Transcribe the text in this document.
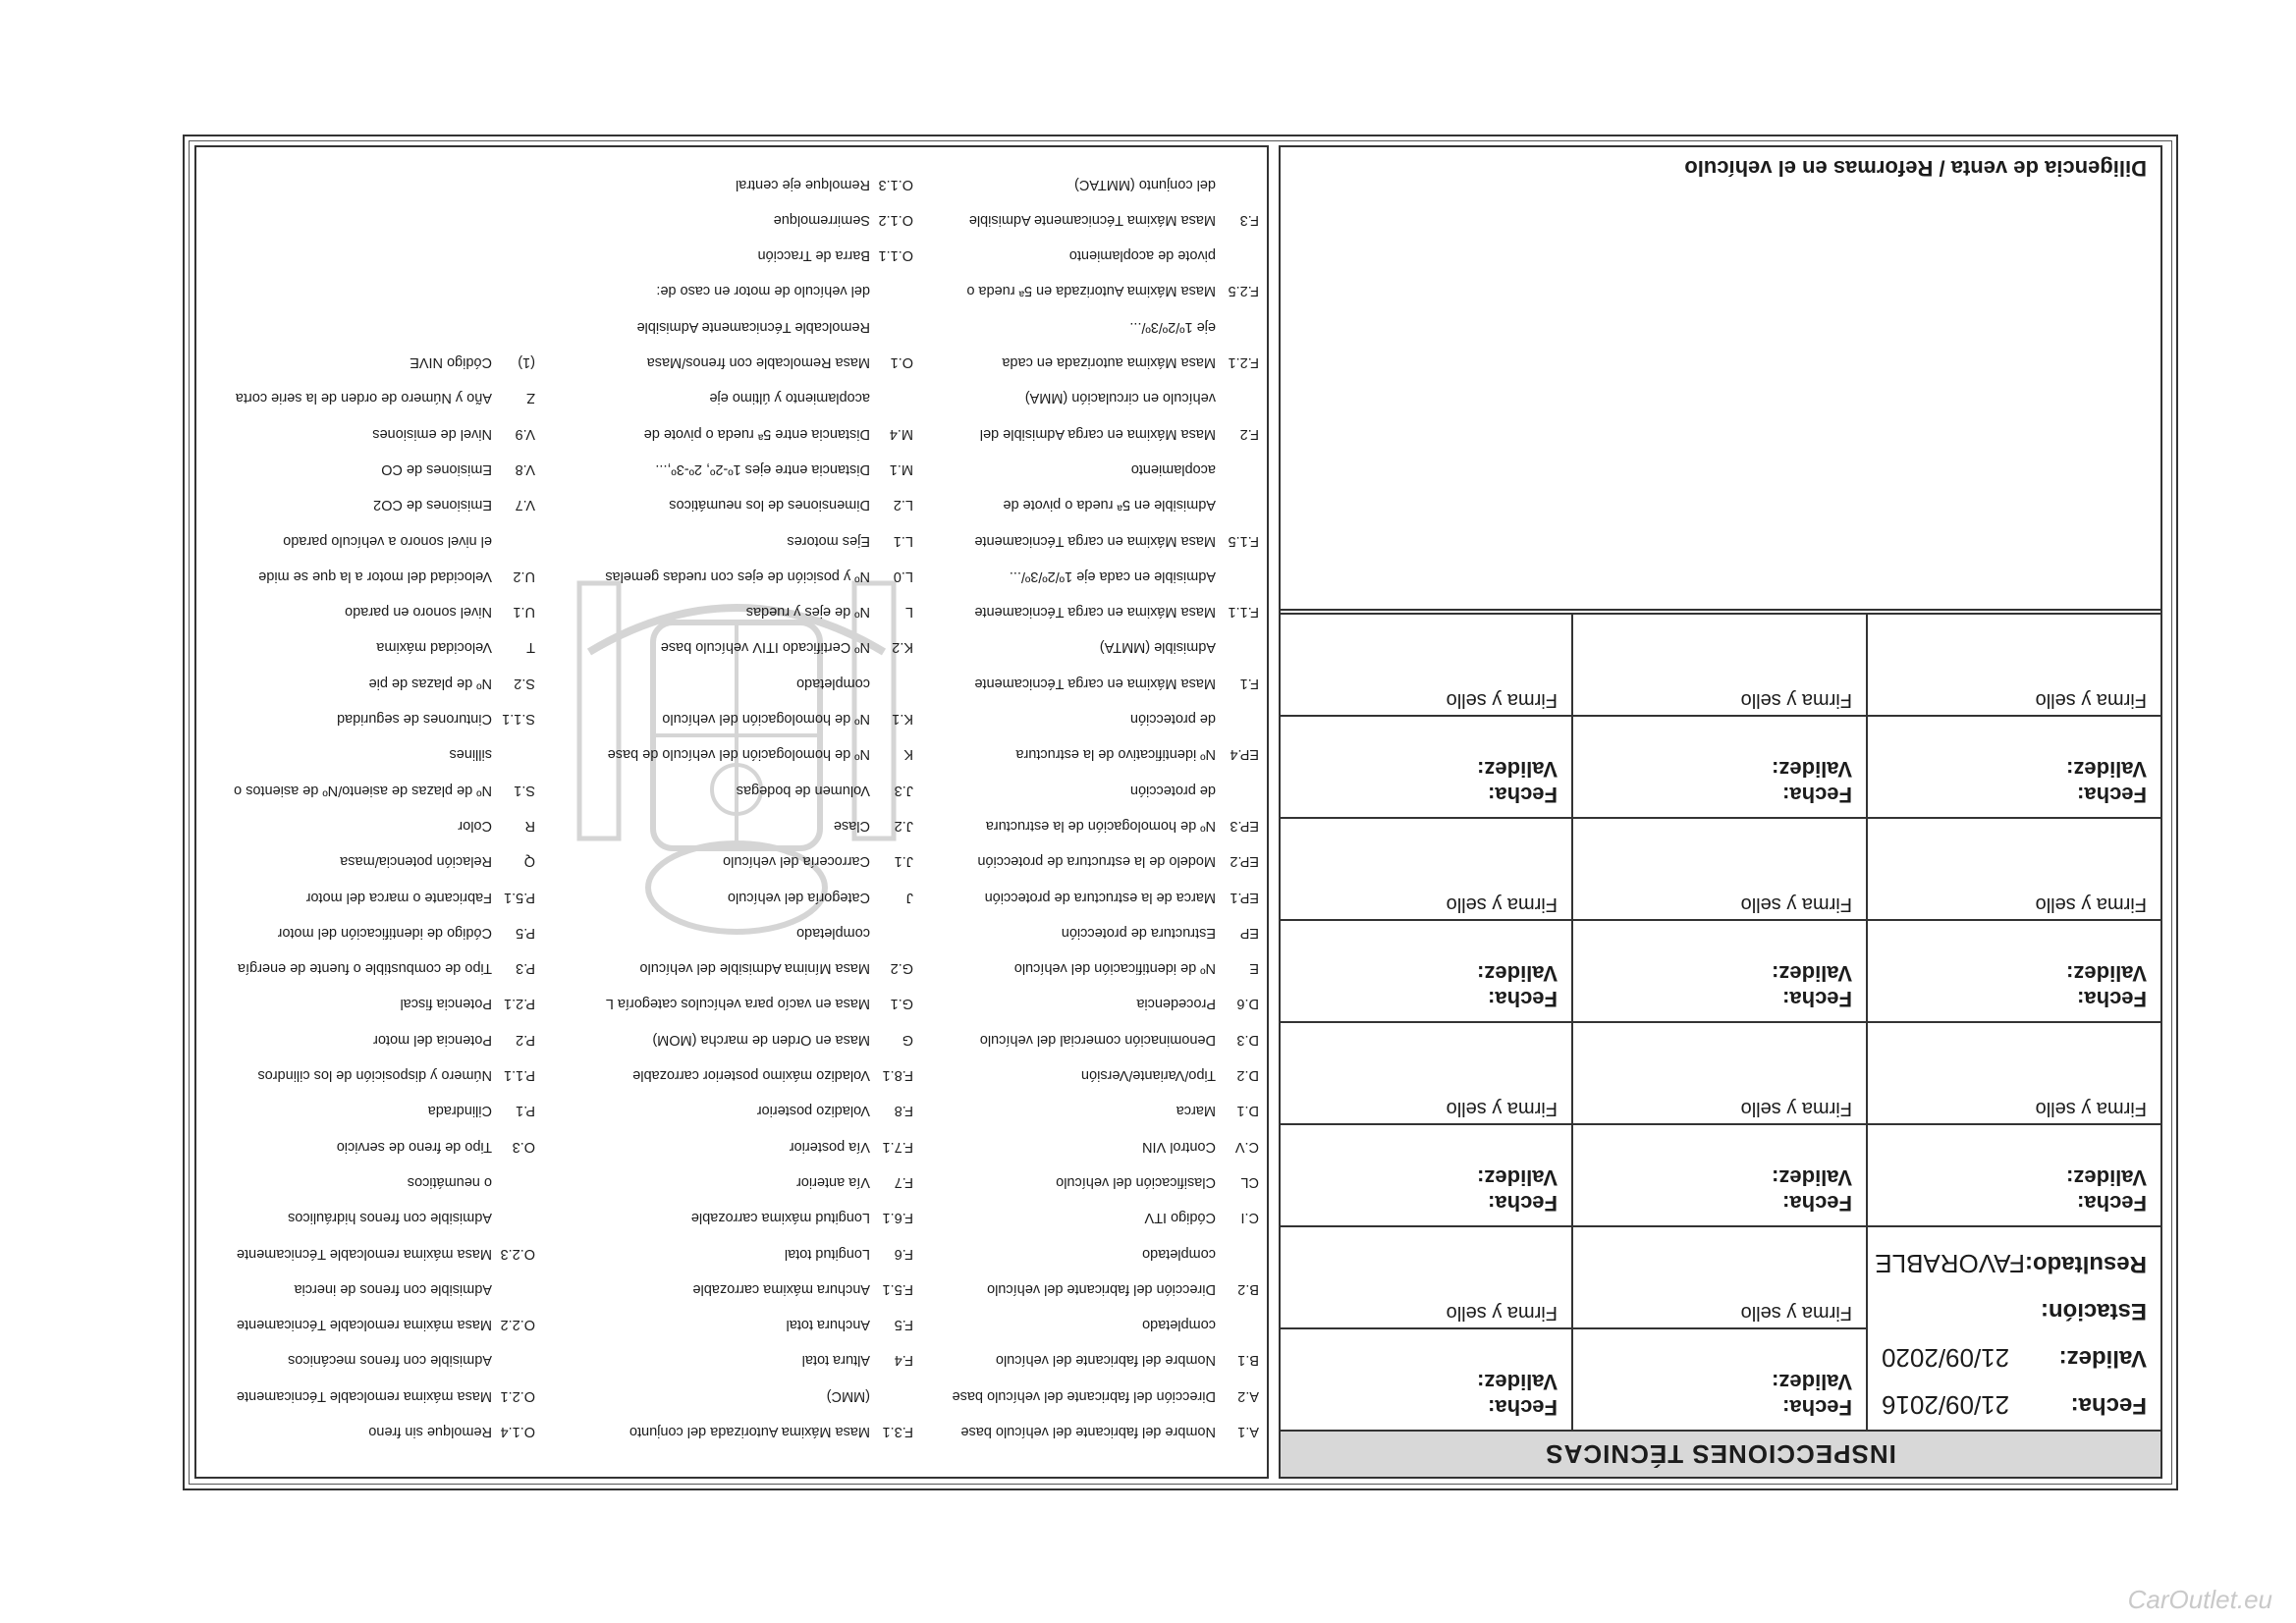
CarOutlet.eu
INSPECCIONES TÉCNICAS
Fecha:
21/09/2016
Validez:
21/09/2020
Estación:
Resultado:
FAVORABLE
Fecha:
Validez:
Firma y sello
Fecha:
Validez:
Firma y sello
Fecha:
Validez:
Firma y sello
Fecha:
Validez:
Firma y sello
Fecha:
Validez:
Firma y sello
Fecha:
Validez:
Firma y sello
Fecha:
Validez:
Firma y sello
Fecha:
Validez:
Firma y sello
Fecha:
Validez:
Firma y sello
Fecha:
Validez:
Firma y sello
Fecha:
Validez:
Firma y sello
Diligencia de venta / Reformas en el vehículo
A.1
Nombre del fabricante del vehículo base
A.2
Dirección del fabricante del vehículo base
B.1
Nombre del fabricante del vehículo
completado
B.2
Dirección del fabricante del vehículo
completado
C.I
Código ITV
CL
Clasificación del vehículo
C.V
Control VIN
D.1
Marca
D.2
Tipo/Variante/Versión
D.3
Denominación comercial del vehículo
D.6
Procedencia
E
Nº de identificación del vehículo
EP
Estructura de protección
EP.1
Marca de la estructura de protección
EP.2
Modelo de la estructura de protección
EP.3
Nº de homologación de la estructura
de protección
EP.4
Nº identificativo de la estructura
de protección
F.1
Masa Máxima en carga Técnicamente
Admisible (MMTA)
F.1.1
Masa Máxima en carga Técnicamente
Admisible en cada eje 1º/2º/3º/...
F.1.5
Masa Máxima en carga Técnicamente
Admisible en 5ª rueda o pivote de
acoplamiento
F.2
Masa Máxima en carga Admisible del
vehículo en circulación (MMA)
F.2.1
Masa Máxima autorizada en cada
eje 1º/2º/3º/...
F.2.5
Masa Máxima Autorizada en 5ª rueda o
pivote de acoplamiento
F.3
Masa Máxima Técnicamente Admisible
del conjunto (MMTAC)
F.3.1
Masa Máxima Autorizada del conjunto
(MMC)
F.4
Altura total
F.5
Anchura total
F.5.1
Anchura máxima carrozable
F.6
Longitud total
F.6.1
Longitud máxima carrozable
F.7
Vía anterior
F.7.1
Vía posterior
F.8
Voladizo posterior
F.8.1
Voladizo máximo posterior carrozable
G
Masa en Orden de marcha (MOM)
G.1
Masa en vacío para vehículos categoría L
G.2
Masa Mínima Admisible del vehículo
completado
J
Categoría del vehículo
J.1
Carrocería del vehículo
J.2
Clase
J.3
Volumen de bodegas
K
Nº de homologación del vehículo de base
K.1
Nº de homologación del vehículo
completado
K.2
Nº Certificado ITIV vehículo base
L
Nº de ejes y ruedas
L.0
Nº y posición de ejes con ruedas gemelas
L.1
Ejes motores
L.2
Dimensiones de los neumáticos
M.1
Distancia entre ejes 1º-2º, 2º-3º,...
M.4
Distancia entre 5ª rueda o pivote de
acoplamiento y último eje
O.1
Masa Remolcable con frenos/Masa
Remolcable Técnicamente Admisible
del vehículo de motor en caso de:
O.1.1
Barra de Tracción
O.1.2
Semirremolque
O.1.3
Remolque eje central
O.1.4
Remolque sin freno
O.2.1
Masa máxima remolcable Técnicamente
Admisible con frenos mecánicos
O.2.2
Masa máxima remolcable Técnicamente
Admisible con frenos de inercia
O.2.3
Masa máxima remolcable Técnicamente
Admisible con frenos hidráulicos
o neumáticos
O.3
Tipo de freno de servicio
P.1
Cilindrada
P.1.1
Número y disposición de los cilindros
P.2
Potencia del motor
P.2.1
Potencia fiscal
P.3
Tipo de combustible o fuente de energía
P.5
Código de identificación del motor
P.5.1
Fabricante o marca del motor
Q
Relación potencia/masa
R
Color
S.1
Nº de plazas de asiento/Nº de asientos o
sillines
S.1.1
Cinturones de seguridad
S.2
Nº de plazas de pie
T
Velocidad máxima
U.1
Nivel sonoro en parado
U.2
Velocidad del motor a la que se mide
el nivel sonoro a vehículo parado
V.7
Emisiones de CO2
V.8
Emisiones de CO
V.9
Nivel de emisiones
Z
Año y Número de orden de la serie corta
(1)
Código NIVE
